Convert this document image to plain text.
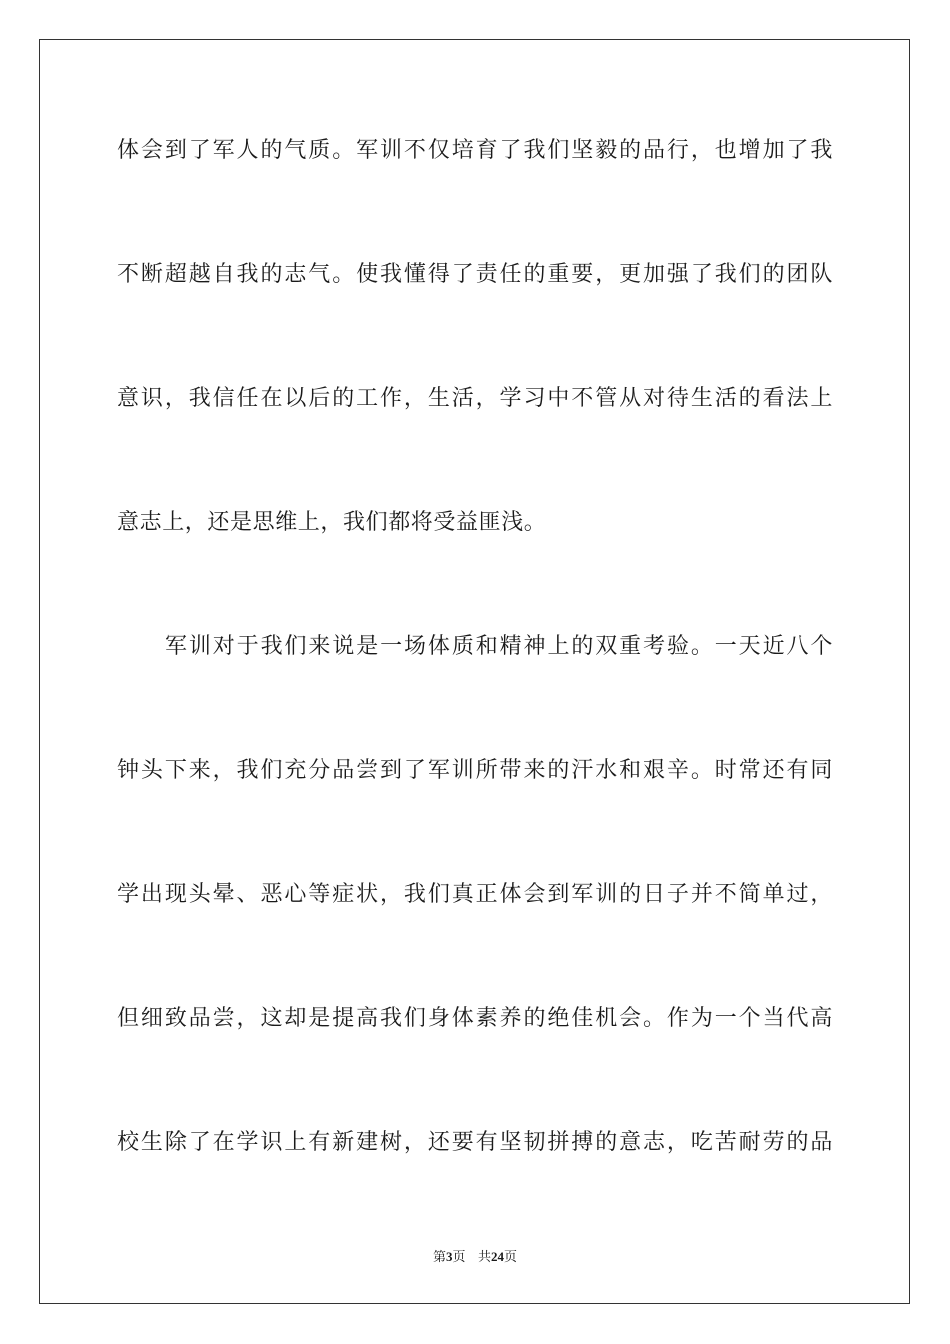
体会到了军人的气质。军训不仅培育了我们坚毅的品行，也增加了我
不断超越自我的志气。使我懂得了责任的重要，更加强了我们的团队
意识，我信任在以后的工作，生活，学习中不管从对待生活的看法上
意志上，还是思维上，我们都将受益匪浅。
军训对于我们来说是一场体质和精神上的双重考验。一天近八个
钟头下来，我们充分品尝到了军训所带来的汗水和艰辛。时常还有同
学出现头晕、恶心等症状，我们真正体会到军训的日子并不简单过，
但细致品尝，这却是提高我们身体素养的绝佳机会。作为一个当代高
校生除了在学识上有新建树，还要有坚韧拼搏的意志，吃苦耐劳的品
第3页 共24页
